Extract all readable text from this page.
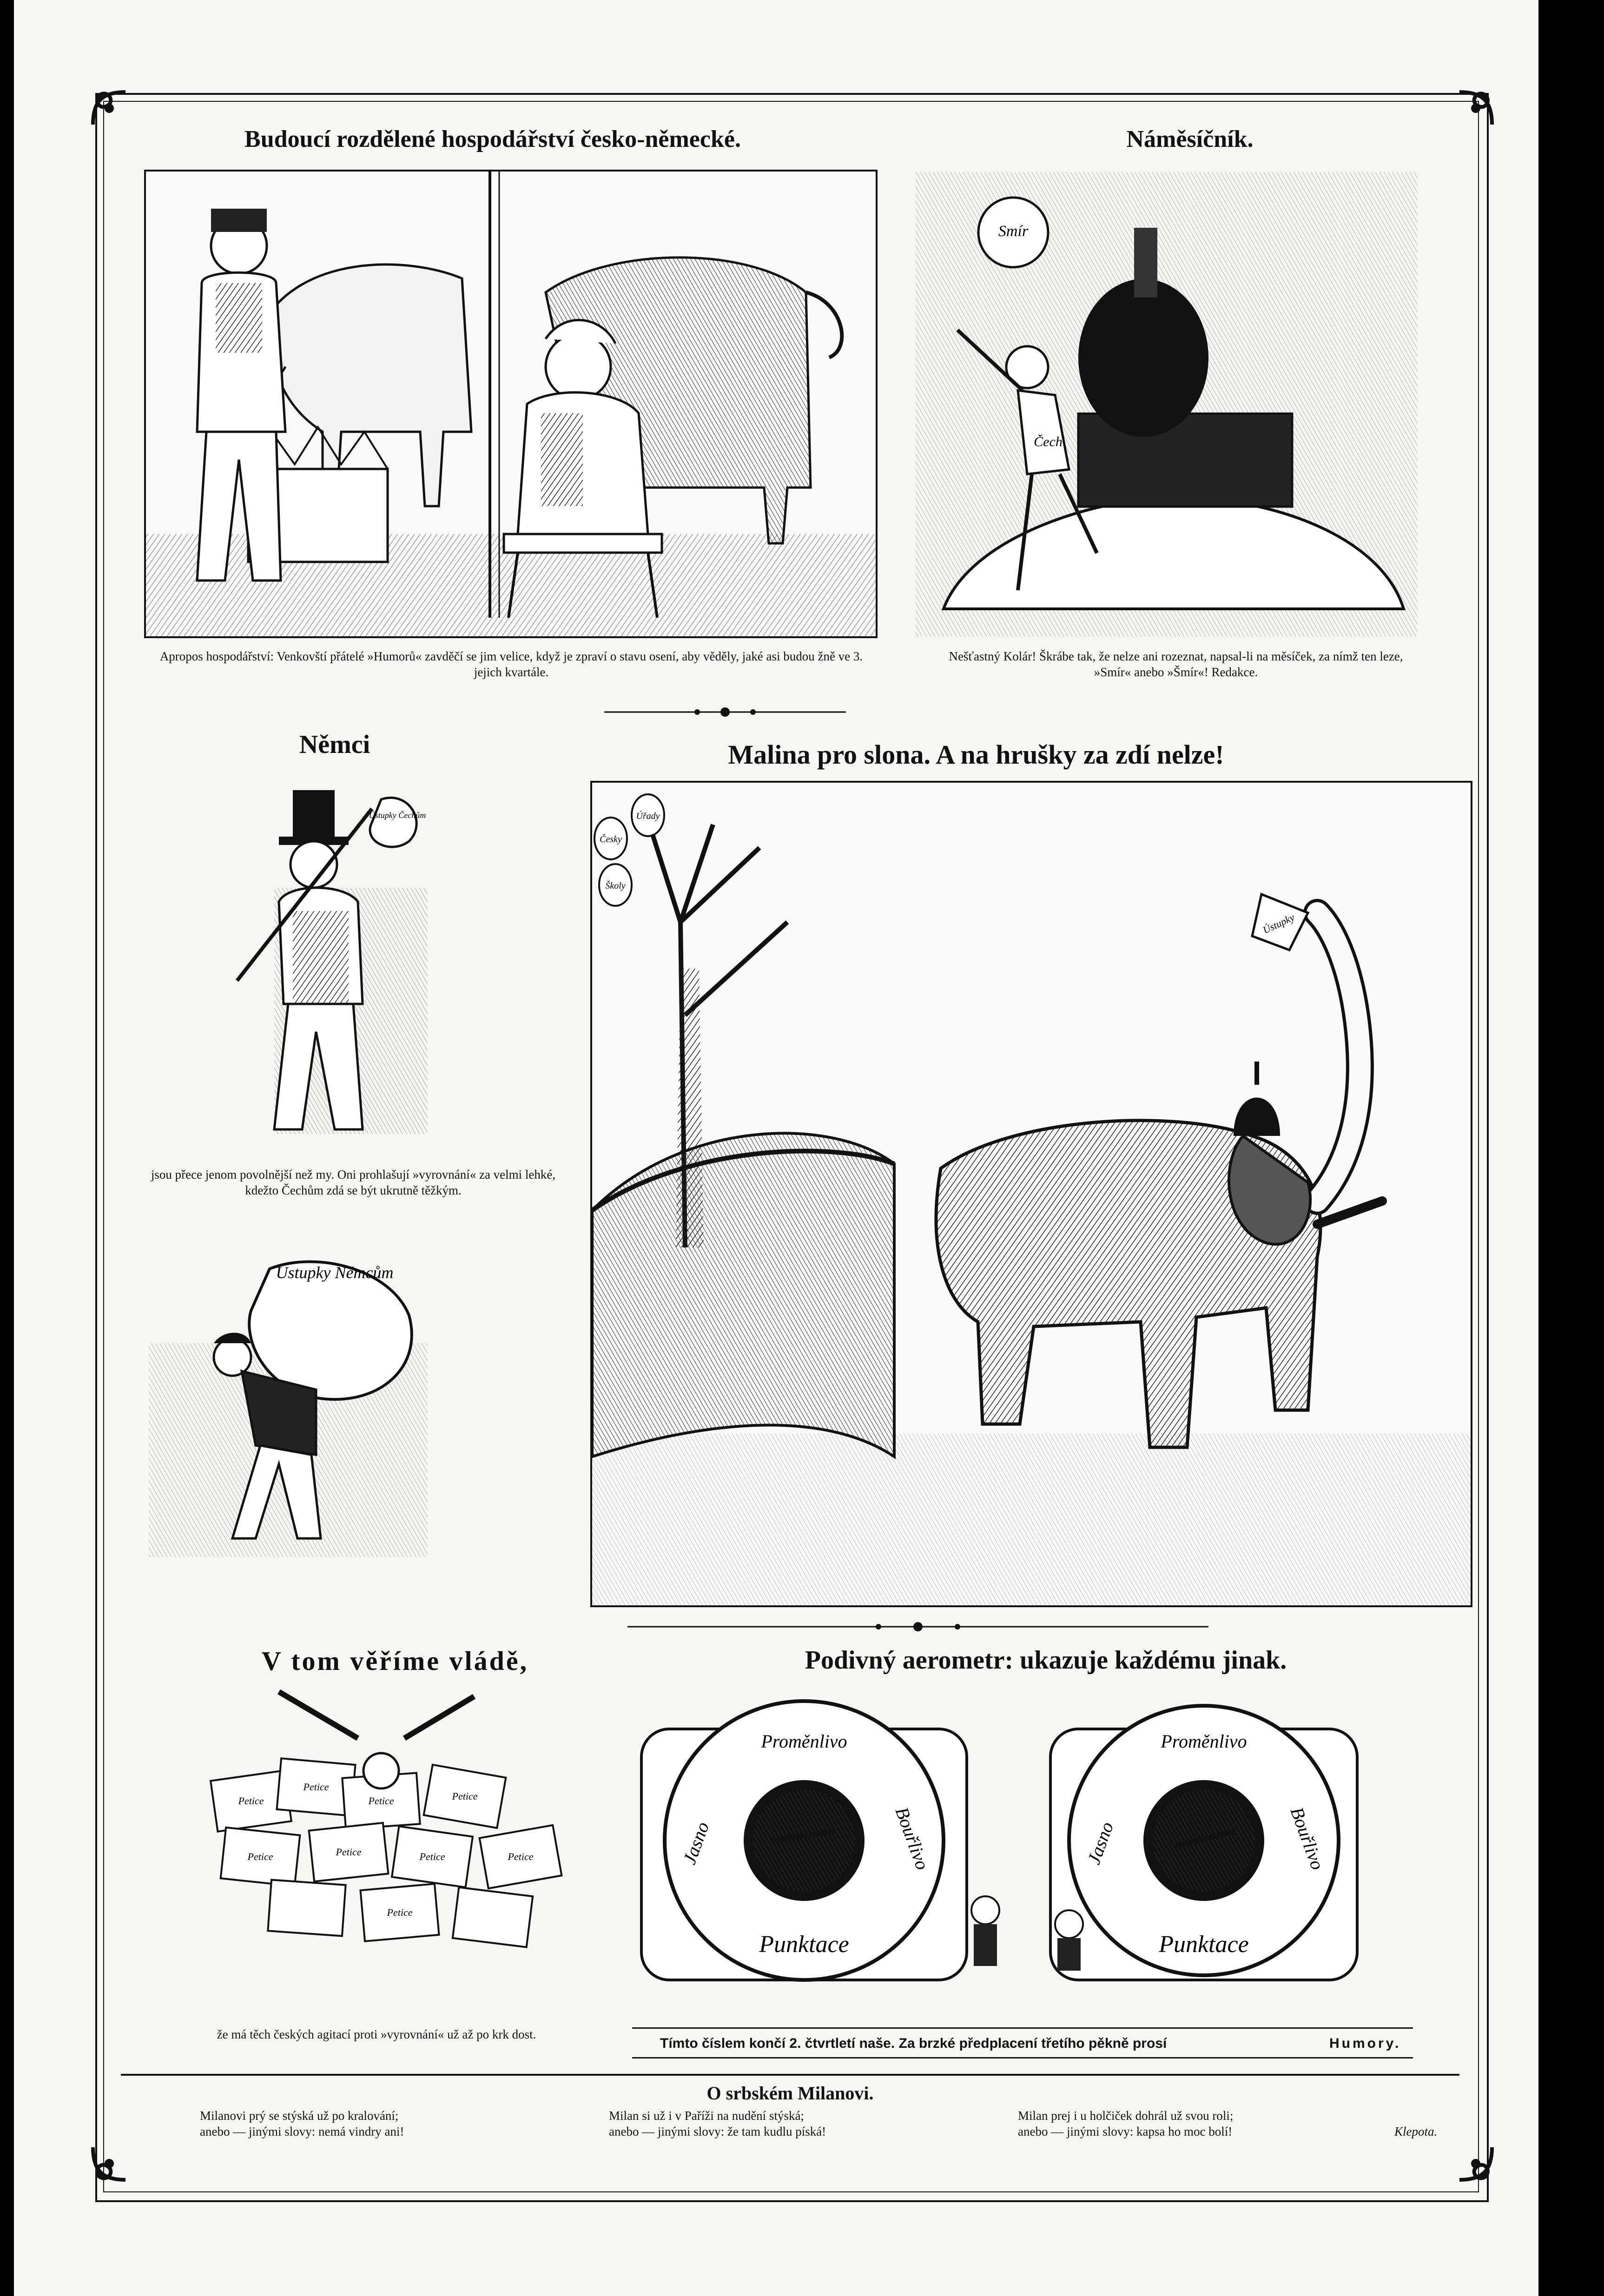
Budoucí rozdělené hospodářství česko-německé.
Apropos hospodářství: Venkovští přátelé »Humorů« zavděčí se jim velice, když je zpraví o stavu osení, aby věděly, jaké asi budou žně ve 3. jejich kvartále.
Náměsíčník.
Smír
Čech
Nešťastný Kolár! Škrábe tak, že nelze ani rozeznat, napsal-li na měsíček, za nímž ten leze, »Smír« anebo »Šmír«! Redakce.
Němci
Ústupky Čechům
jsou přece jenom povolnější než my. Oni prohlašují »vyrovnání« za velmi lehké, kdežto Čechům zdá se být ukrutně těžkým.
Ústupky Němcům
Malina pro slona. A na hrušky za zdí nelze!
Česky
Úřady
Školy
Ústupky
V tom věříme vládě,
Petice
Petice
Petice	Petice
Petice	Petice	Petice	Petice
Petice
že má těch českých agitací proti »vyrovnání« už až po krk dost.
Podivný aerometr: ukazuje každému jinak.
Proměnlivo
Jasno	Bouřlivo
Punktace
Proměnlivo
Jasno	Bouřlivo
Punktace
Tímto číslem končí 2. čtvrtletí naše. Za brzké předplacení třetího pěkně prosí	Humory.
O srbském Milanovi.
Milanovi prý se stýská už po kralování;
anebo — jinými slovy: nemá vindry ani!
Milan si už i v Paříži na nudění stýská;
anebo — jinými slovy: že tam kudlu píská!
Milan prej i u holčiček dohrál už svou roli;
anebo — jinými slovy: kapsa ho moc bolí!	Klepota.
